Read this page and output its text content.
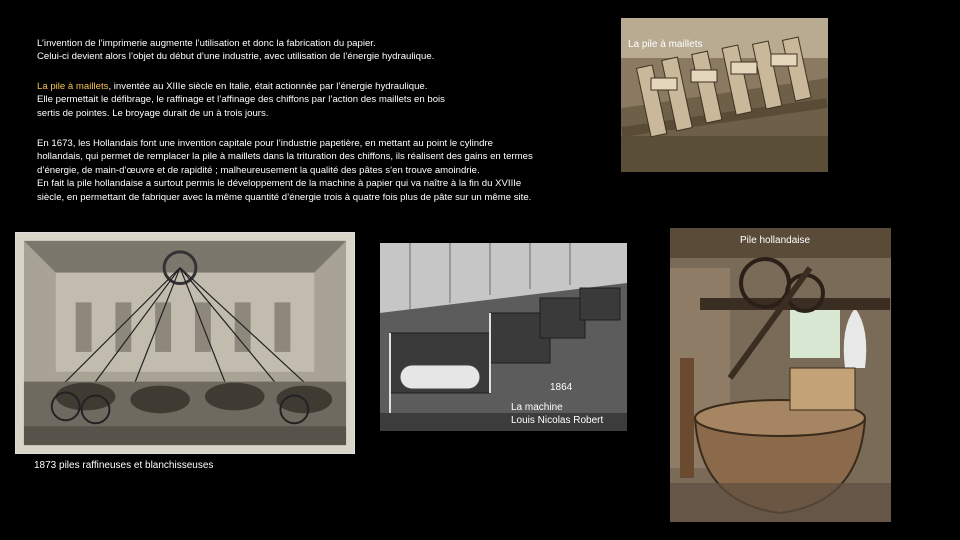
L’invention de l’imprimerie augmente l’utilisation et donc la fabrication du papier.
Celui-ci devient alors l’objet du début d’une industrie, avec utilisation de l’énergie hydraulique.
La pile à maillets, inventée au XIIIe siècle en Italie, était actionnée par l’énergie hydraulique.
Elle permettait le défibrage, le raffinage et l’affinage des chiffons par l’action des maillets en bois
sertis de pointes. Le broyage durait de un à trois jours.
En 1673, les Hollandais font une invention capitale pour l’industrie papetière, en mettant au point le cylindre
hollandais, qui permet de remplacer la pile à maillets dans la trituration des chiffons, ils réalisent des gains en termes
d’énergie, de main-d’œuvre et de rapidité ; malheureusement la qualité des pâtes s’en trouve amoindrie.
En fait la pile hollandaise a surtout permis le développement de la machine à papier qui va naître à la fin du XVIIIe
siècle, en permettant de fabriquer avec la même quantité d’énergie trois à quatre fois plus de pâte sur un même site.
La pile à maillets
1873 piles raffineuses et blanchisseuses
1864
La machine
Louis Nicolas Robert
Pile hollandaise
